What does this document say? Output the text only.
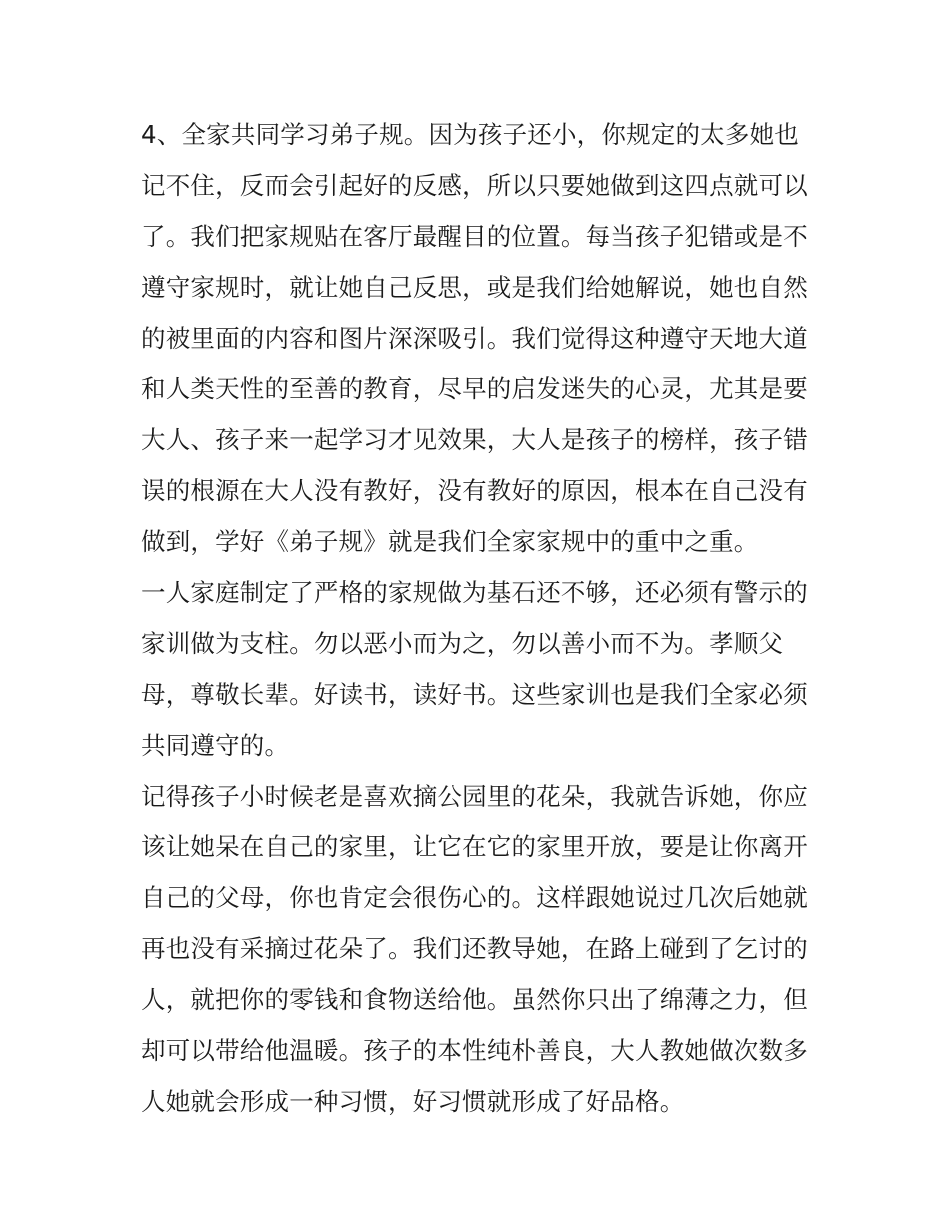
4、全家共同学习弟子规。因为孩子还小，你规定的太多她也
记不住，反而会引起好的反感，所以只要她做到这四点就可以
了。我们把家规贴在客厅最醒目的位置。每当孩子犯错或是不
遵守家规时，就让她自己反思，或是我们给她解说，她也自然
的被里面的内容和图片深深吸引。我们觉得这种遵守天地大道
和人类天性的至善的教育，尽早的启发迷失的心灵，尤其是要
大人、孩子来一起学习才见效果，大人是孩子的榜样，孩子错
误的根源在大人没有教好，没有教好的原因，根本在自己没有
做到，学好《弟子规》就是我们全家家规中的重中之重。
一人家庭制定了严格的家规做为基石还不够，还必须有警示的
家训做为支柱。勿以恶小而为之，勿以善小而不为。孝顺父
母，尊敬长辈。好读书，读好书。这些家训也是我们全家必须
共同遵守的。
记得孩子小时候老是喜欢摘公园里的花朵，我就告诉她，你应
该让她呆在自己的家里，让它在它的家里开放，要是让你离开
自己的父母，你也肯定会很伤心的。这样跟她说过几次后她就
再也没有采摘过花朵了。我们还教导她，在路上碰到了乞讨的
人，就把你的零钱和食物送给他。虽然你只出了绵薄之力，但
却可以带给他温暖。孩子的本性纯朴善良，大人教她做次数多
人她就会形成一种习惯，好习惯就形成了好品格。
